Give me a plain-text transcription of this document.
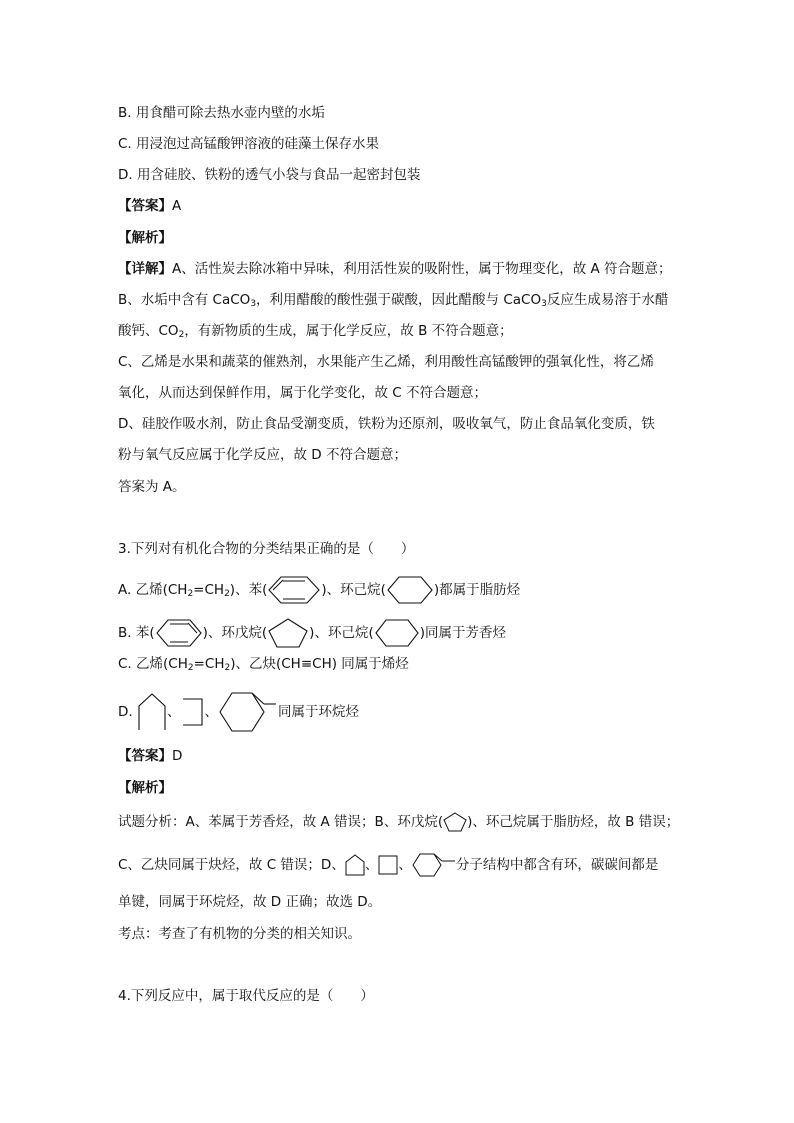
B. 用食醋可除去热水壶内壁的水垢
C. 用浸泡过高锰酸钾溶液的硅藻土保存水果
D. 用含硅胶、铁粉的透气小袋与食品一起密封包装
【答案】A
【解析】
【详解】A、活性炭去除冰箱中异味，利用活性炭的吸附性，属于物理变化，故 A 符合题意；
B、水垢中含有 CaCO$_3$，利用醋酸的酸性强于碳酸，因此醋酸与 CaCO$_3$反应生成易溶于水醋
酸钙、$CO_2$，有新物质的生成，属于化学反应，故 B 不符合题意；
C、乙烯是水果和蔬菜的催熟剂，水果能产生乙烯，利用酸性高锰酸钾的强氧化性，将乙烯
氧化，从而达到保鲜作用，属于化学变化，故 C 不符合题意；
D、硅胶作吸水剂，防止食品受潮变质，铁粉为还原剂，吸收氧气，防止食品氧化变质，铁
粉与氧气反应属于化学反应，故 D 不符合题意；
答案为 A。
3.下列对有机化合物的分类结果正确的是（　　）
A. 乙烯$(CH_2=CH_2)$、苯(	)、环己烷(	)都属于脂肪烃
B. 苯(	)、环戊烷(	)、环己烷(	)同属于芳香烃
C. 乙烯$(CH_2=CH_2)$、乙炔(CH≡CH) 同属于烯烃
D.	、 、	同属于环烷烃
【答案】D
【解析】
试题分析：A、苯属于芳香烃，故 A 错误；B、环戊烷( )、环己烷属于脂肪烃，故 B 错误；
C、乙炔同属于炔烃，故 C 错误；D、 、 、	分子结构中都含有环，碳碳间都是
单键，同属于环烷烃，故 D 正确；故选 D。
考点：考查了有机物的分类的相关知识。
4.下列反应中，属于取代反应的是（　　）
